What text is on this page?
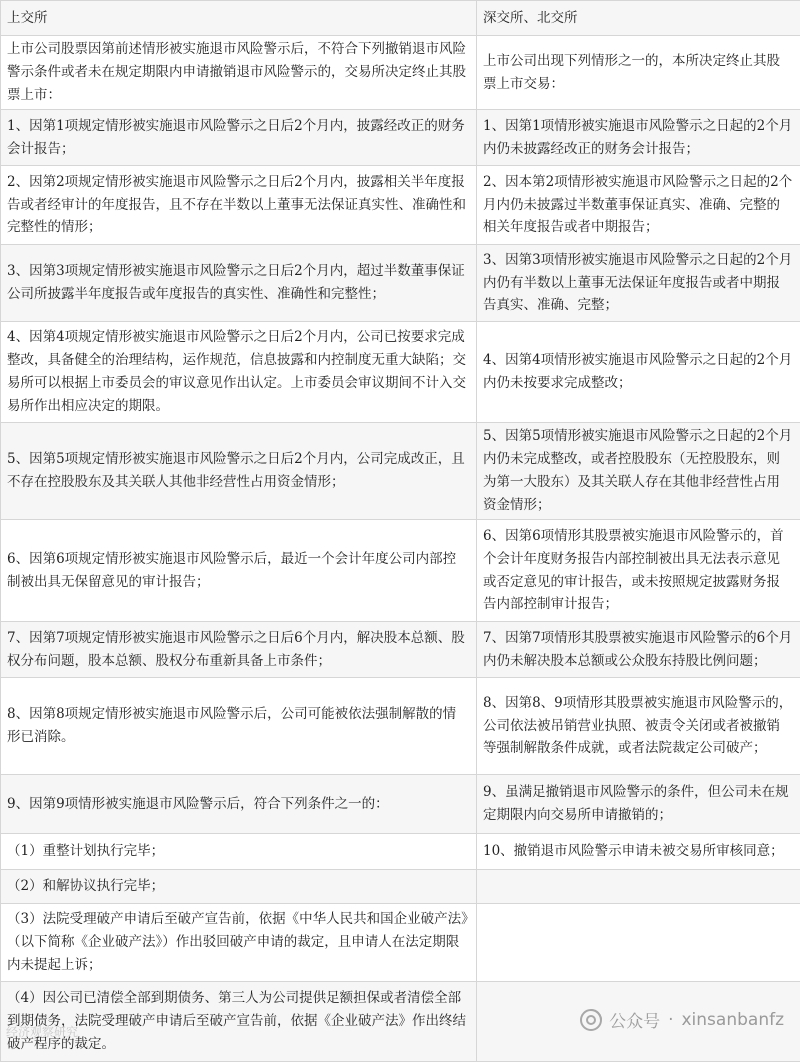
上交所	深交所、北交所
上市公司股票因第前述情形被实施退市风险警示后，不符合下列撤销退市风险警示条件或者未在规定期限内申请撤销退市风险警示的，交易所决定终止其股票上市：	上市公司出现下列情形之一的，本所决定终止其股票上市交易：
1、因第1项规定情形被实施退市风险警示之日后2个月内，披露经改正的财务会计报告；	1、因第1项情形被实施退市风险警示之日起的2个月内仍未披露经改正的财务会计报告；
2、因第2项规定情形被实施退市风险警示之日后2个月内，披露相关半年度报告或者经审计的年度报告，且不存在半数以上董事无法保证真实性、准确性和完整性的情形；	2、因本第2项情形被实施退市风险警示之日起的2个月内仍未披露过半数董事保证真实、准确、完整的相关年度报告或者中期报告；
3、因第3项规定情形被实施退市风险警示之日后2个月内，超过半数董事保证公司所披露半年度报告或年度报告的真实性、准确性和完整性；	3、因第3项情形被实施退市风险警示之日起的2个月内仍有半数以上董事无法保证年度报告或者中期报告真实、准确、完整；
4、因第4项规定情形被实施退市风险警示之日后2个月内，公司已按要求完成整改，具备健全的治理结构，运作规范，信息披露和内控制度无重大缺陷；交易所可以根据上市委员会的审议意见作出认定。上市委员会审议期间不计入交易所作出相应决定的期限。	4、因第4项情形被实施退市风险警示之日起的2个月内仍未按要求完成整改；
5、因第5项规定情形被实施退市风险警示之日后2个月内，公司完成改正，且不存在控股股东及其关联人其他非经营性占用资金情形；	5、因第5项情形被实施退市风险警示之日起的2个月内仍未完成整改，或者控股股东（无控股股东，则为第一大股东）及其关联人存在其他非经营性占用资金情形；
6、因第6项规定情形被实施退市风险警示后，最近一个会计年度公司内部控制被出具无保留意见的审计报告；	6、因第6项情形其股票被实施退市风险警示的，首个会计年度财务报告内部控制被出具无法表示意见或否定意见的审计报告，或未按照规定披露财务报告内部控制审计报告；
7、因第7项规定情形被实施退市风险警示之日后6个月内，解决股本总额、股权分布问题，股本总额、股权分布重新具备上市条件；	7、因第7项情形其股票被实施退市风险警示的6个月内仍未解决股本总额或公众股东持股比例问题；
8、因第8项规定情形被实施退市风险警示后，公司可能被依法强制解散的情形已消除。	8、因第8、9项情形其股票被实施退市风险警示的，公司依法被吊销营业执照、被责令关闭或者被撤销等强制解散条件成就，或者法院裁定公司破产；
9、因第9项情形被实施退市风险警示后，符合下列条件之一的：	9、虽满足撤销退市风险警示的条件，但公司未在规定期限内向交易所申请撤销的；
（1）重整计划执行完毕；	10、撤销退市风险警示申请未被交易所审核同意；
（2）和解协议执行完毕；	
（3）法院受理破产申请后至破产宣告前，依据《中华人民共和国企业破产法》（以下简称《企业破产法》）作出驳回破产申请的裁定，且申请人在法定期限内未提起上诉；	
（4）因公司已清偿全部到期债务、第三人为公司提供足额担保或者清偿全部到期债务，法院受理破产申请后至破产宣告前，依据《企业破产法》作出终结破产程序的裁定。	
公众号 · xinsanbanfz
经济观察研究
